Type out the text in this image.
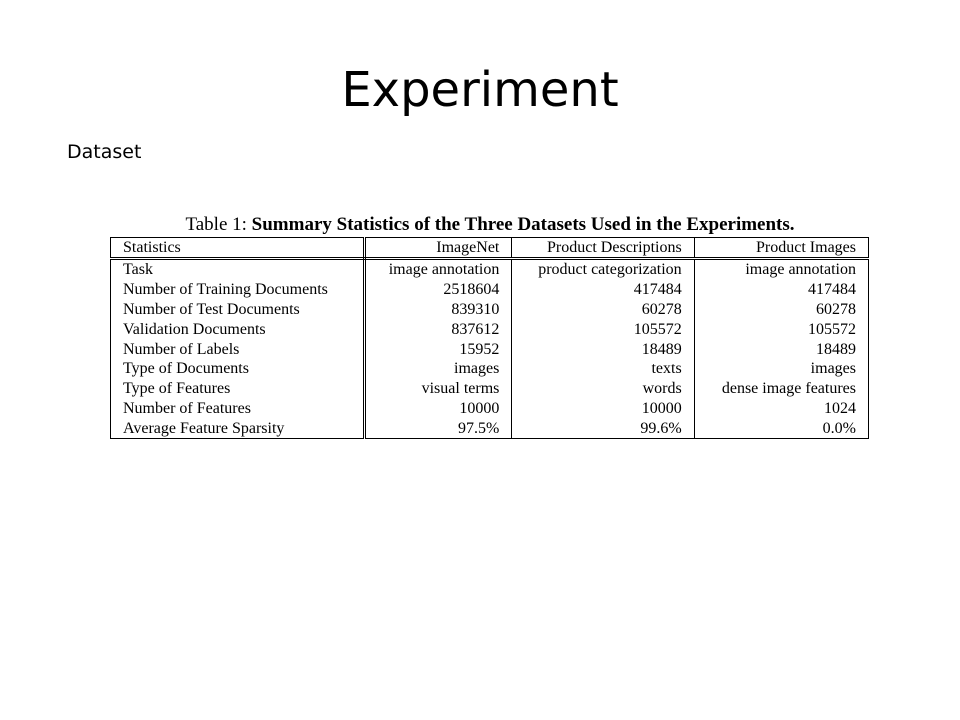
Experiment
Dataset
Table 1: Summary Statistics of the Three Datasets Used in the Experiments.
Statistics	ImageNet	Product Descriptions	Product Images
Task	image annotation	product categorization	image annotation
Number of Training Documents	2518604	417484	417484
Number of Test Documents	839310	60278	60278
Validation Documents	837612	105572	105572
Number of Labels	15952	18489	18489
Type of Documents	images	texts	images
Type of Features	visual terms	words	dense image features
Number of Features	10000	10000	1024
Average Feature Sparsity	97.5%	99.6%	0.0%
